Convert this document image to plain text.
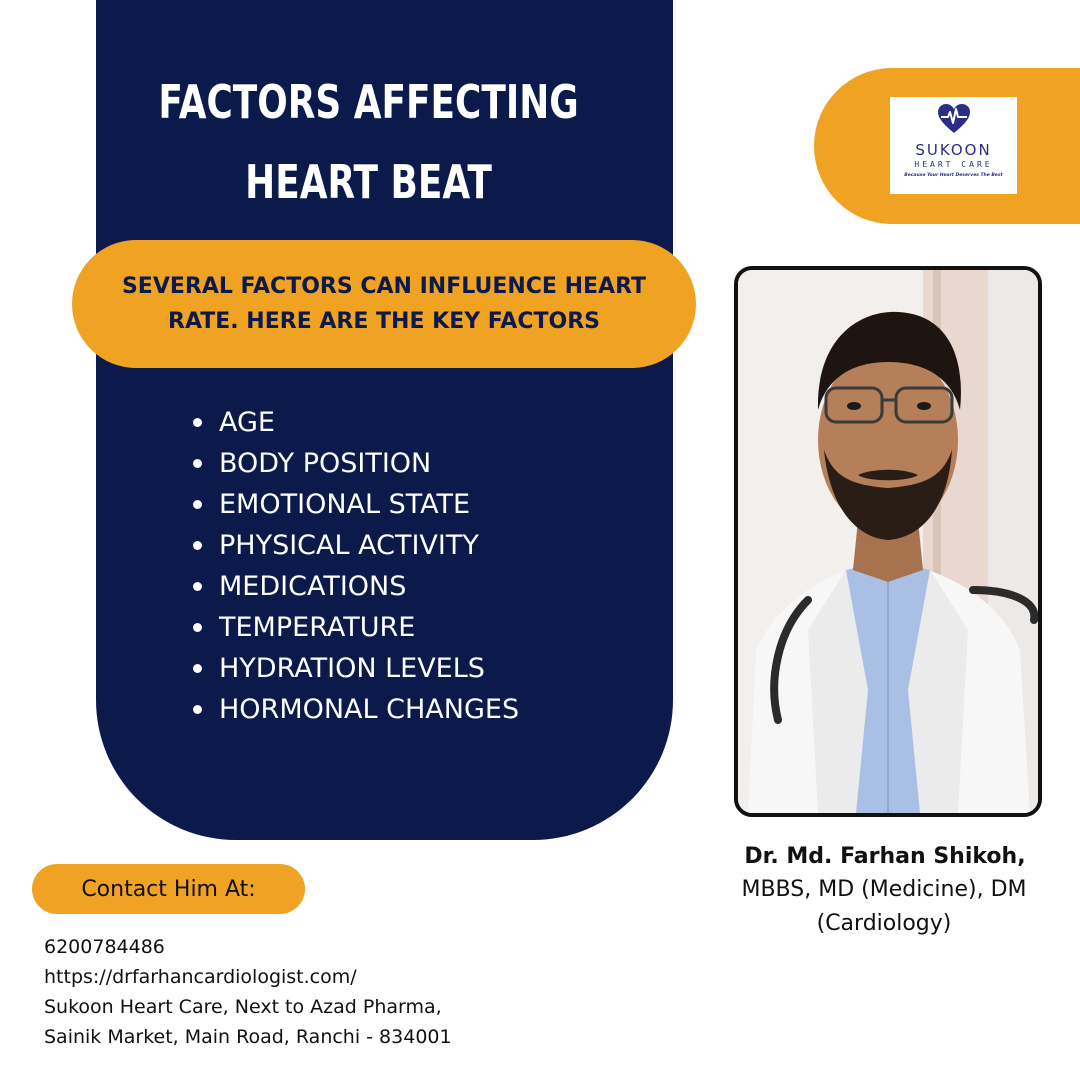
FACTORS AFFECTING
HEART BEAT
SEVERAL FACTORS CAN INFLUENCE HEART RATE. HERE ARE THE KEY FACTORS
AGE
BODY POSITION
EMOTIONAL STATE
PHYSICAL ACTIVITY
MEDICATIONS
TEMPERATURE
HYDRATION LEVELS
HORMONAL CHANGES
SUKOON
HEART CARE
Because Your Heart Deserves The Best
Dr. Md. Farhan Shikoh,
MBBS, MD (Medicine), DM (Cardiology)
Contact Him At:
6200784486
https://drfarhancardiologist.com/
Sukoon Heart Care, Next to Azad Pharma,
Sainik Market, Main Road, Ranchi - 834001
